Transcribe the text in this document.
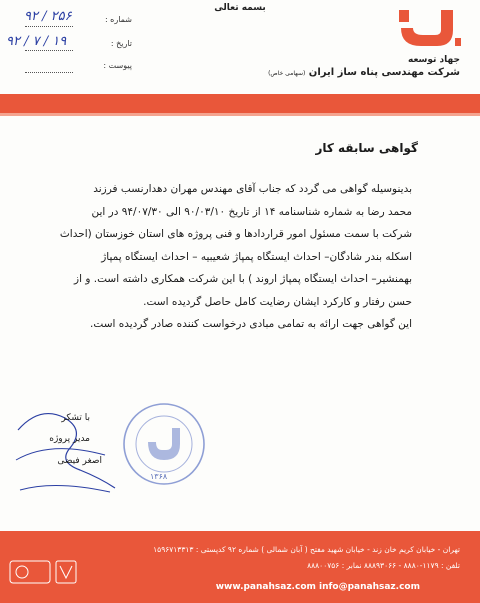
بسمه تعالی
شماره :
۹۲ / ۲۵۶
تاریخ :
۹۲ / ۷ / ۱۹
پیوست :
جهاد توسعه
شرکت مهندسی پناه ساز ایران (سهامی خاص)
گواهی سابقه کار
بدینوسیله گواهی می گردد که جناب آقای مهندس مهران دهدارنسب فرزند
محمد رضا به شماره شناسنامه ۱۴ از تاریخ ۹۰/۰۳/۱۰ الی ۹۴/۰۷/۳۰ در این
شرکت با سمت مسئول امور قراردادها و فنی پروژه های استان خوزستان (احداث
اسکله بندر شادگان– احداث ایستگاه پمپاژ شعیبیه – احداث ایستگاه پمپاژ
بهمنشیر– احداث ایستگاه پمپاژ اروند ) با این شرکت همکاری داشته است. و از
حسن رفتار و کارکرد ایشان رضایت کامل حاصل گردیده است.
این گواهی جهت ارائه به تمامی مبادی درخواست کننده صادر گردیده است.
با تشکر
مدیر پروژه
اصغر فیضی
۱۳۶۸
تهران - خیابان کریم خان زند - خیابان شهید مفتح ( آبان شمالی ) شماره ۹۲ کدپستی : ۱۵۹۶۷۱۳۳۱۳
تلفن : ۱۱۷۹-۸۸۸۰ - ۸۸۸۹۳۰۶۶ نمابر : ۸۸۸۰۰۷۵۶
www.panahsaz.com info@panahsaz.com
